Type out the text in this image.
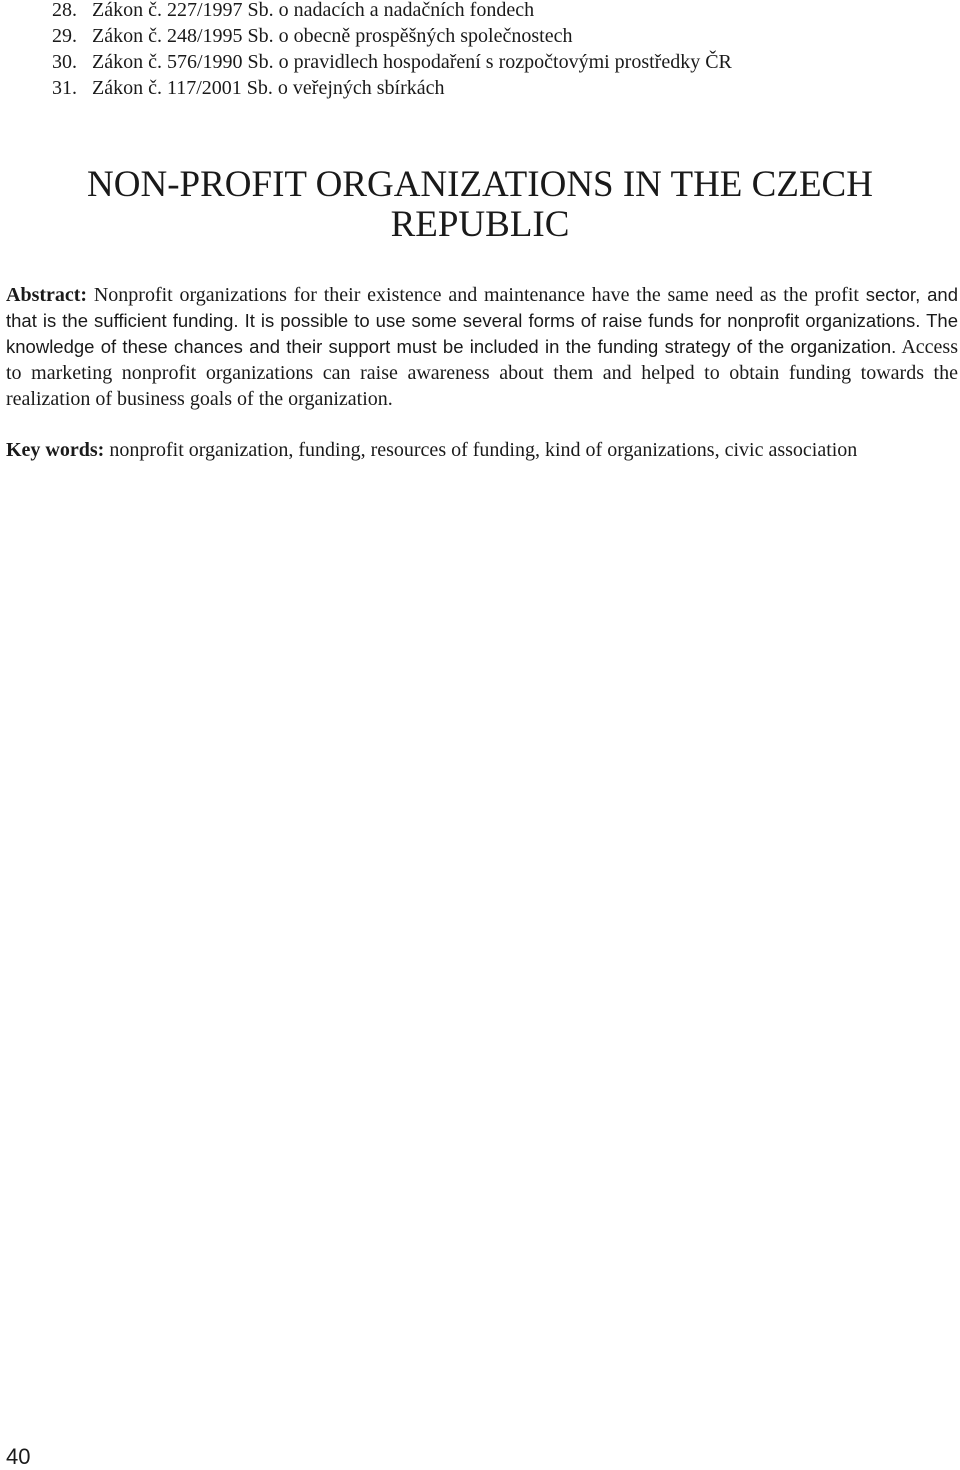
28. Zákon č. 227/1997 Sb. o nadacích a nadačních fondech
29. Zákon č. 248/1995 Sb. o obecně prospěšných společnostech
30. Zákon č. 576/1990 Sb. o pravidlech hospodaření s rozpočtovými prostředky ČR
31. Zákon č. 117/2001 Sb. o veřejných sbírkách
NON-PROFIT ORGANIZATIONS IN THE CZECH REPUBLIC

Abstract: Nonprofit organizations for their existence and maintenance have the same need as the profit sector, and that is the sufficient funding. It is possible to use some several forms of raise funds for nonprofit organizations. The knowledge of these chances and their support must be included in the funding strategy of the organization. Access to marketing nonprofit organizations can raise awareness about them and helped to obtain funding towards the realization of business goals of the organization.

Key words: nonprofit organization, funding, resources of funding, kind of organizations, civic association

40
